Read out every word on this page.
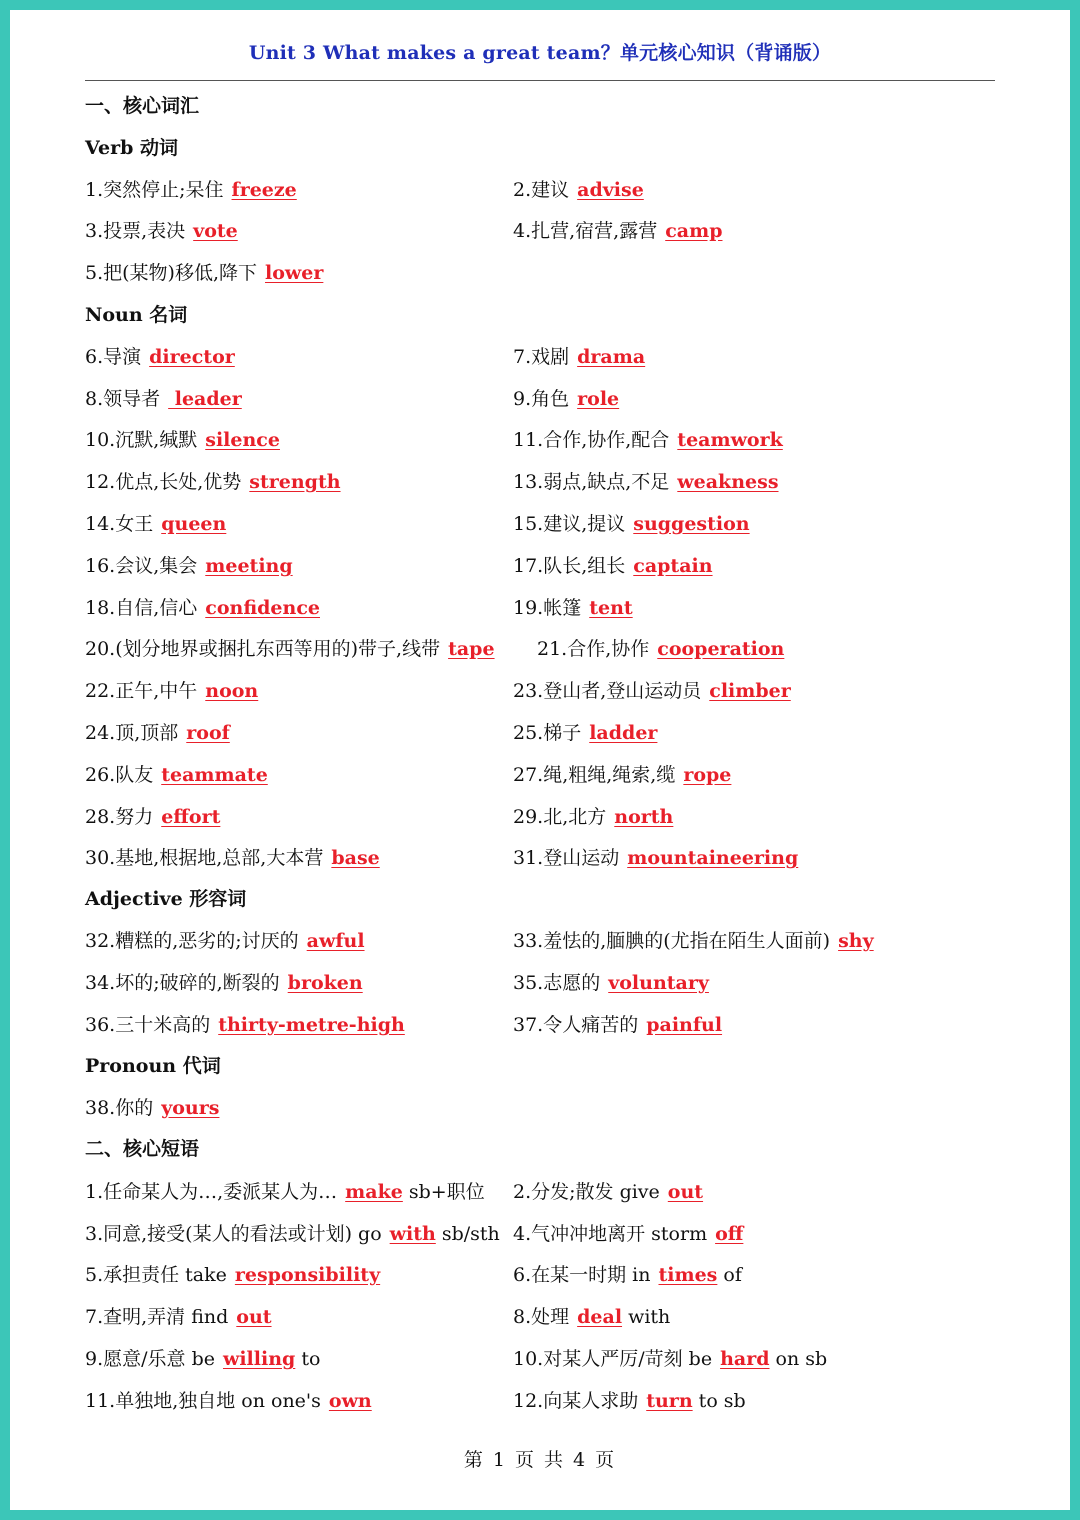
Unit 3 What makes a great team？单元核心知识（背诵版）
一、核心词汇
Verb 动词
1.突然停止;呆住 freeze	2.建议 advise
3.投票,表决 vote	4.扎营,宿营,露营 camp
5.把(某物)移低,降下 lower
6.导演 director	7.戏剧 drama
8.领导者 leader	9.角色 role
10.沉默,缄默 silence	11.合作,协作,配合 teamwork
12.优点,长处,优势 strength	13.弱点,缺点,不足 weakness
14.女王 queen	15.建议,提议 suggestion
16.会议,集会 meeting	17.队长,组长 captain
18.自信,信心 confidence	19.帐篷 tent
20.(划分地界或捆扎东西等用的)带子,线带 tape 21.合作,协作 cooperation
22.正午,中午 noon	23.登山者,登山运动员 climber
24.顶,顶部 roof	25.梯子 ladder
26.队友 teammate	27.绳,粗绳,绳索,缆 rope
28.努力 effort	29.北,北方 north
30.基地,根据地,总部,大本营 base	31.登山运动 mountaineering
32.糟糕的,恶劣的;讨厌的 awful	33.羞怯的,腼腆的(尤指在陌生人面前) shy
34.坏的;破碎的,断裂的 broken	35.志愿的 voluntary
36.三十米高的 thirty-metre-high	37.令人痛苦的 painful
38.你的 yours
Noun 名词
Adjective 形容词
Pronoun 代词
二、核心短语
1.任命某人为…,委派某人为… make sb+职位 2.分发;散发 give out
3.同意,接受(某人的看法或计划) go with sb/sth 4.气冲冲地离开 storm off
5.承担责任 take responsibility	6.在某一时期 in times of
7.查明,弄清 find out	8.处理 deal with
9.愿意/乐意 be willing to	10.对某人严厉/苛刻 be hard on sb
11.单独地,独自地 on one's own	12.向某人求助 turn to sb
第 1 页 共 4 页
